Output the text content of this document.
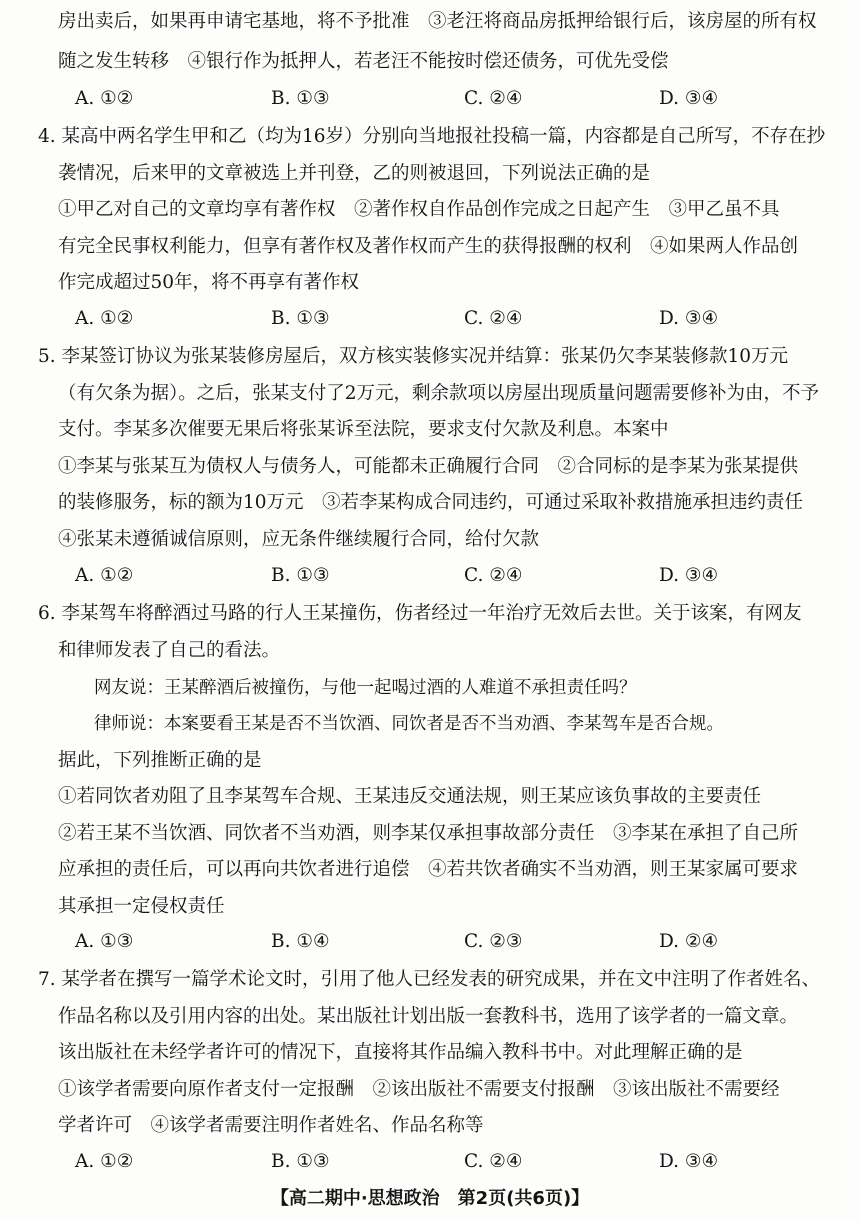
房出卖后，如果再申请宅基地，将不予批准　③老汪将商品房抵押给银行后，该房屋的所有权
随之发生转移　④银行作为抵押人，若老汪不能按时偿还债务，可优先受偿
A. ①②	B. ①③	C. ②④	D. ③④
4. 某高中两名学生甲和乙（均为16岁）分别向当地报社投稿一篇，内容都是自己所写，不存在抄
袭情况，后来甲的文章被选上并刊登，乙的则被退回，下列说法正确的是
①甲乙对自己的文章均享有著作权　②著作权自作品创作完成之日起产生　③甲乙虽不具
有完全民事权利能力，但享有著作权及著作权而产生的获得报酬的权利　④如果两人作品创
作完成超过50年，将不再享有著作权
A. ①②	B. ①③	C. ②④	D. ③④
5. 李某签订协议为张某装修房屋后，双方核实装修实况并结算：张某仍欠李某装修款10万元
（有欠条为据）。之后，张某支付了2万元，剩余款项以房屋出现质量问题需要修补为由，不予
支付。李某多次催要无果后将张某诉至法院，要求支付欠款及利息。本案中
①李某与张某互为债权人与债务人，可能都未正确履行合同　②合同标的是李某为张某提供
的装修服务，标的额为10万元　③若李某构成合同违约，可通过采取补救措施承担违约责任
④张某未遵循诚信原则，应无条件继续履行合同，给付欠款
A. ①②	B. ①③	C. ②④	D. ③④
6. 李某驾车将醉酒过马路的行人王某撞伤，伤者经过一年治疗无效后去世。关于该案，有网友
和律师发表了自己的看法。
网友说：王某醉酒后被撞伤，与他一起喝过酒的人难道不承担责任吗？
律师说：本案要看王某是否不当饮酒、同饮者是否不当劝酒、李某驾车是否合规。
据此，下列推断正确的是
①若同饮者劝阻了且李某驾车合规、王某违反交通法规，则王某应该负事故的主要责任
②若王某不当饮酒、同饮者不当劝酒，则李某仅承担事故部分责任　③李某在承担了自己所
应承担的责任后，可以再向共饮者进行追偿　④若共饮者确实不当劝酒，则王某家属可要求
其承担一定侵权责任
A. ①③	B. ①④	C. ②③	D. ②④
7. 某学者在撰写一篇学术论文时，引用了他人已经发表的研究成果，并在文中注明了作者姓名、
作品名称以及引用内容的出处。某出版社计划出版一套教科书，选用了该学者的一篇文章。
该出版社在未经学者许可的情况下，直接将其作品编入教科书中。对此理解正确的是
①该学者需要向原作者支付一定报酬　②该出版社不需要支付报酬　③该出版社不需要经
学者许可　④该学者需要注明作者姓名、作品名称等
A. ①②	B. ①③	C. ②④	D. ③④
【高二期中·思想政治　第2页(共6页)】
